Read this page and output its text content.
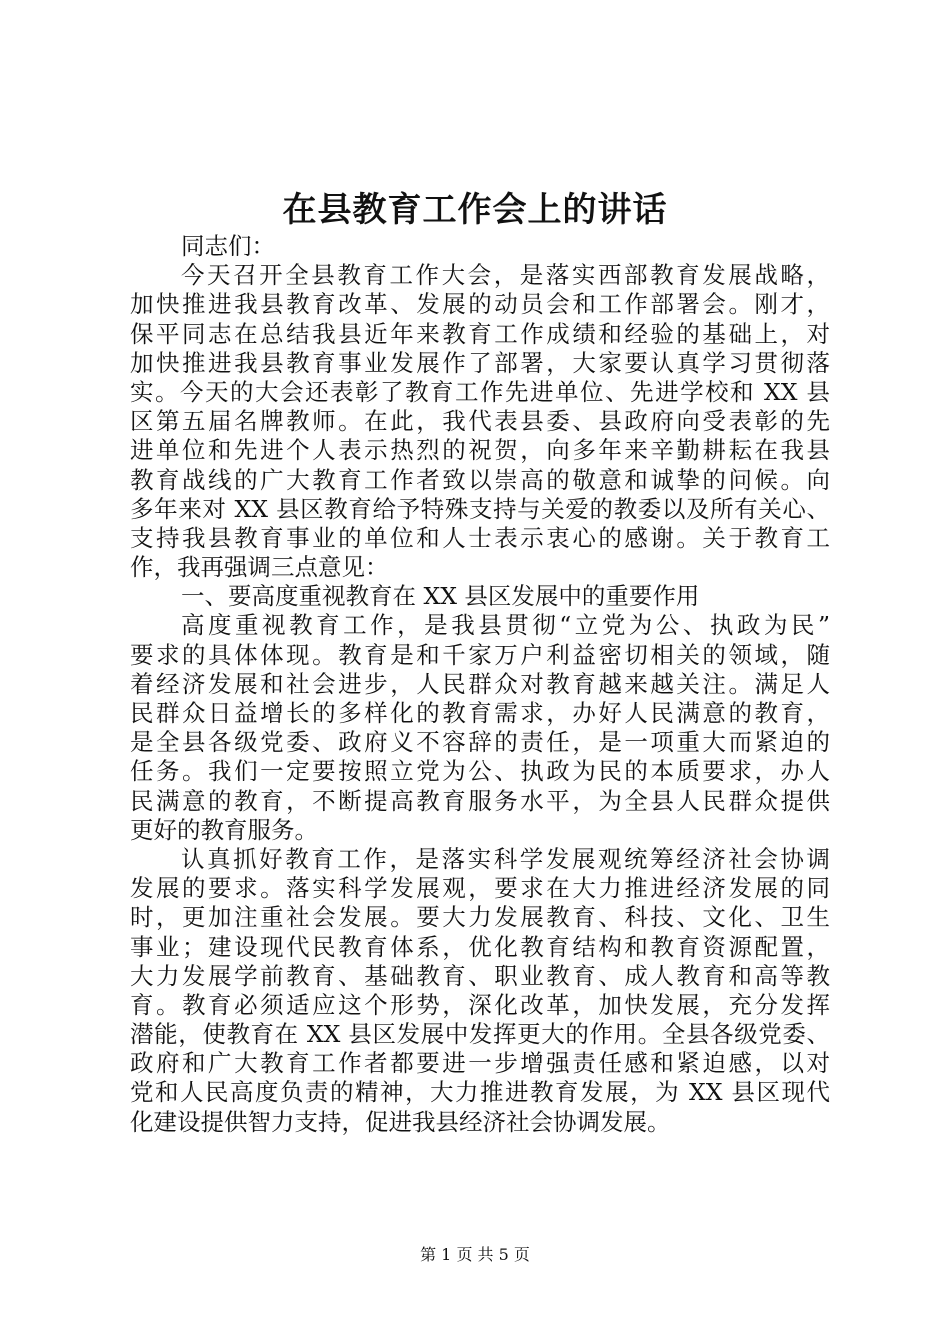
在县教育工作会上的讲话
同志们：
今天召开全县教育工作大会，是落实西部教育发展战略，
加快推进我县教育改革、发展的动员会和工作部署会。刚才，
保平同志在总结我县近年来教育工作成绩和经验的基础上，对
加快推进我县教育事业发展作了部署，大家要认真学习贯彻落
实。今天的大会还表彰了教育工作先进单位、先进学校和 XX 县
区第五届名牌教师。在此，我代表县委、县政府向受表彰的先
进单位和先进个人表示热烈的祝贺，向多年来辛勤耕耘在我县
教育战线的广大教育工作者致以崇高的敬意和诚挚的问候。向
多年来对 XX 县区教育给予特殊支持与关爱的教委以及所有关心、
支持我县教育事业的单位和人士表示衷心的感谢。关于教育工
作，我再强调三点意见：
一、要高度重视教育在 XX 县区发展中的重要作用
高度重视教育工作，是我县贯彻“立党为公、执政为民”
要求的具体体现。教育是和千家万户利益密切相关的领域，随
着经济发展和社会进步，人民群众对教育越来越关注。满足人
民群众日益增长的多样化的教育需求，办好人民满意的教育，
是全县各级党委、政府义不容辞的责任，是一项重大而紧迫的
任务。我们一定要按照立党为公、执政为民的本质要求，办人
民满意的教育，不断提高教育服务水平，为全县人民群众提供
更好的教育服务。
认真抓好教育工作，是落实科学发展观统筹经济社会协调
发展的要求。落实科学发展观，要求在大力推进经济发展的同
时，更加注重社会发展。要大力发展教育、科技、文化、卫生
事业；建设现代民教育体系，优化教育结构和教育资源配置，
大力发展学前教育、基础教育、职业教育、成人教育和高等教
育。教育必须适应这个形势，深化改革，加快发展，充分发挥
潜能，使教育在 XX 县区发展中发挥更大的作用。全县各级党委、
政府和广大教育工作者都要进一步增强责任感和紧迫感，以对
党和人民高度负责的精神，大力推进教育发展，为 XX 县区现代
化建设提供智力支持，促进我县经济社会协调发展。
第 1 页 共 5 页
